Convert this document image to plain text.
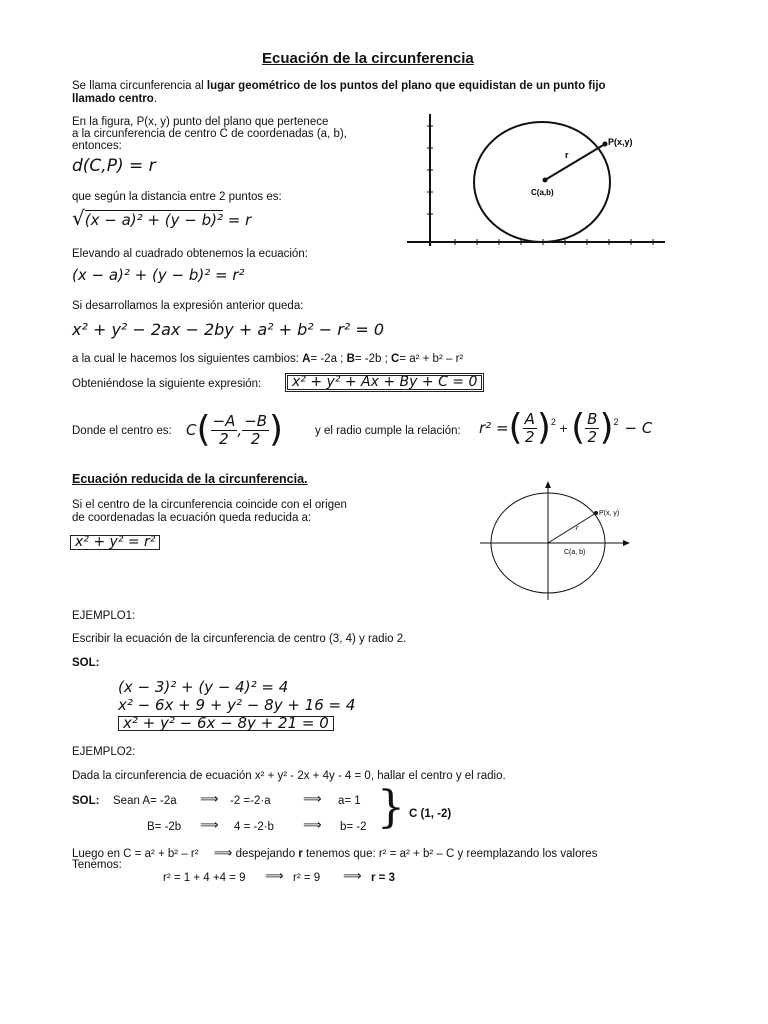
Ecuación de la circunferencia
Se llama circunferencia al lugar geométrico de los puntos del plano que equidistan de un punto fijo
llamado centro.
En la figura, P(x, y) punto del plano que pertenece
a la circunferencia de centro C de coordenadas (a, b),
entonces:
d(C,P) = r
que según la distancia entre 2 puntos es:
√(x − a)² + (y − b)² = r
Elevando al cuadrado obtenemos la ecuación:
(x − a)² + (y − b)² = r²
Si desarrollamos la expresión anterior queda:
x² + y² − 2ax − 2by + a² + b² − r² = 0
a la cual le hacemos los siguientes cambios: A= -2a ; B= -2b ; C= a² + b² – r²
Obteniéndose la siguiente expresión:	x² + y² + Ax + By + C = 0
Donde el centro es: C ( $\frac{-A}{2}$ , $\frac{-B}{2}$ )	y el radio cumple la relación: r² = ( $\frac{A}{2}$ ) 2 + ( $\frac{B}{2}$ ) 2 − C
P(x,y)
r
C(a,b)
Ecuación reducida de la circunferencia.
Si el centro de la circunferencia coincide con el origen
de coordenadas la ecuación queda reducida a:
x² + y² = r²
P(x, y)
r
C(a, b)
EJEMPLO1:
Escribir la ecuación de la circunferencia de centro (3, 4) y radio 2.
SOL:
(x − 3)² + (y − 4)² = 4
x² − 6x + 9 + y² − 8y + 16 = 4
x² + y² − 6x − 8y + 21 = 0
EJEMPLO2:
Dada la circunferencia de ecuación x² + y² - 2x + 4y - 4 = 0, hallar el centro y el radio.
SOL: Sean A= -2a ⟹ -2 =-2·a ⟹ a= 1
B= -2b ⟹ 4 = -2·b ⟹ b= -2 } C (1, -2)
Luego en C = a² + b² – r² ⟹ despejando r tenemos que: r² = a² + b² – C y reemplazando los valores
Tenemos:
r² = 1 + 4 +4 = 9 ⟹ r² = 9 ⟹ r = 3
